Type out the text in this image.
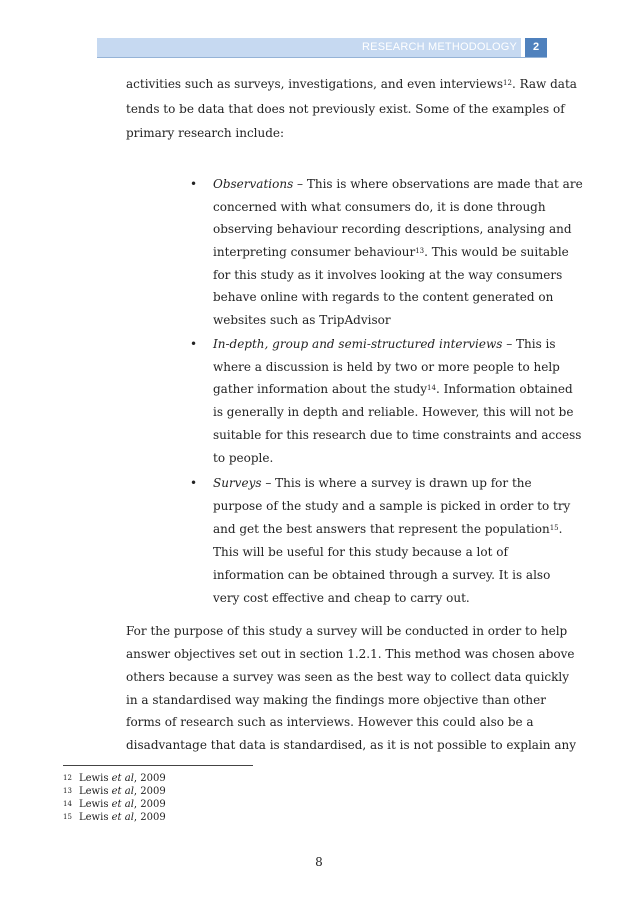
RESEARCH METHODOLOGY	2
activities such as surveys, investigations, and even interviews$^{12}$. Raw data
tends to be data that does not previously exist. Some of the examples of
primary research include:
• Observations – This is where observations are made that are
concerned with what consumers do, it is done through
observing behaviour recording descriptions, analysing and
interpreting consumer behaviour$^{13}$. This would be suitable
for this study as it involves looking at the way consumers
behave online with regards to the content generated on
websites such as TripAdvisor
• In-depth, group and semi-structured interviews – This is
where a discussion is held by two or more people to help
gather information about the study$^{14}$. Information obtained
is generally in depth and reliable. However, this will not be
suitable for this research due to time constraints and access
to people.
• Surveys – This is where a survey is drawn up for the
purpose of the study and a sample is picked in order to try
and get the best answers that represent the population$^{15}$.
This will be useful for this study because a lot of
information can be obtained through a survey. It is also
very cost effective and cheap to carry out.
For the purpose of this study a survey will be conducted in order to help
answer objectives set out in section 1.2.1. This method was chosen above
others because a survey was seen as the best way to collect data quickly
in a standardised way making the findings more objective than other
forms of research such as interviews. However this could also be a
disadvantage that data is standardised, as it is not possible to explain any
12 Lewis et al, 2009
13 Lewis et al, 2009
14 Lewis et al, 2009
15 Lewis et al, 2009
8
